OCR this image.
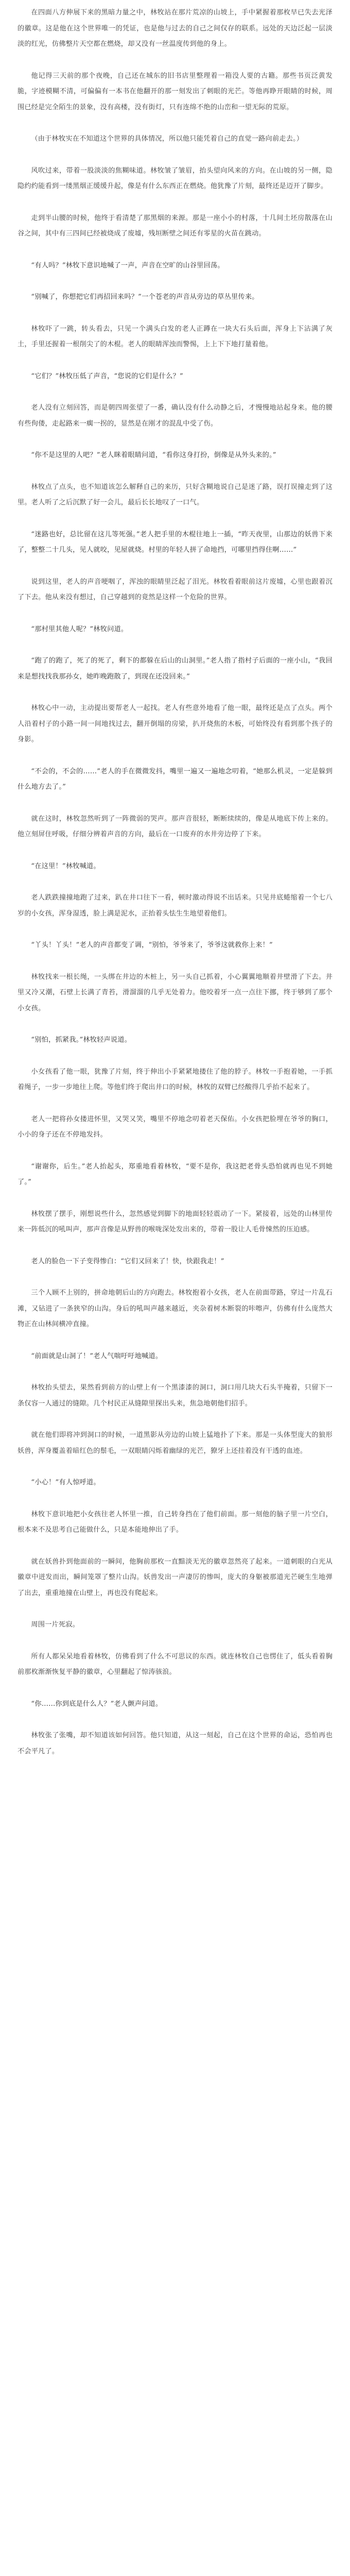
在四面八方伸展下来的黑暗力量之中，林牧站在那片荒凉的山坡上，手中紧握着那枚早已失去光泽的徽章。这是他在这个世界唯一的凭证，也是他与过去的自己之间仅存的联系。远处的天边泛起一层淡淡的红光，仿佛整片天空都在燃烧，却又没有一丝温度传到他的身上。

他记得三天前的那个夜晚，自己还在城东的旧书店里整理着一箱没人要的古籍。那些书页泛黄发脆，字迹模糊不清，可偏偏有一本书在他翻开的那一刻发出了刺眼的光芒。等他再睁开眼睛的时候，周围已经是完全陌生的景象，没有高楼，没有街灯，只有连绵不绝的山峦和一望无际的荒原。

（由于林牧实在不知道这个世界的具体情况，所以他只能凭着自己的直觉一路向前走去。）

风吹过来，带着一股淡淡的焦糊味道。林牧皱了皱眉，抬头望向风来的方向。在山坡的另一侧，隐隐约约能看到一缕黑烟正缓缓升起，像是有什么东西正在燃烧。他犹豫了片刻，最终还是迈开了脚步。

走到半山腰的时候，他终于看清楚了那黑烟的来源。那是一座小小的村落，十几间土坯房散落在山谷之间，其中有三四间已经被烧成了废墟，残垣断壁之间还有零星的火苗在跳动。

“有人吗？”林牧下意识地喊了一声，声音在空旷的山谷里回荡。

“别喊了，你想把它们再招回来吗？”一个苍老的声音从旁边的草丛里传来。

林牧吓了一跳，转头看去，只见一个满头白发的老人正蹲在一块大石头后面，浑身上下沾满了灰土，手里还握着一根削尖了的木棍。老人的眼睛浑浊而警惕，上上下下地打量着他。

“它们？”林牧压低了声音，“您说的它们是什么？”

老人没有立刻回答，而是朝四周张望了一番，确认没有什么动静之后，才慢慢地站起身来。他的腰有些佝偻，走起路来一瘸一拐的，显然是在刚才的混乱中受了伤。

“你不是这里的人吧？”老人眯着眼睛问道，“看你这身打扮，倒像是从外头来的。”

林牧点了点头，也不知道该怎么解释自己的来历，只好含糊地说自己是迷了路，误打误撞走到了这里。老人听了之后沉默了好一会儿，最后长长地叹了一口气。

“迷路也好，总比留在这儿等死强。”老人把手里的木棍往地上一插，“昨天夜里，山那边的妖兽下来了，整整二十几头，见人就咬，见屋就烧。村里的年轻人拼了命地挡，可哪里挡得住啊……”

说到这里，老人的声音哽咽了，浑浊的眼睛里泛起了泪光。林牧看着眼前这片废墟，心里也跟着沉了下去。他从来没有想过，自己穿越到的竟然是这样一个危险的世界。

“那村里其他人呢？”林牧问道。

“跑了的跑了，死了的死了，剩下的都躲在后山的山洞里。”老人指了指村子后面的一座小山，“我回来是想找找我那孙女，她昨晚跑散了，到现在还没回来。”

林牧心中一动，主动提出要帮老人一起找。老人有些意外地看了他一眼，最终还是点了点头。两个人沿着村子的小路一间一间地找过去，翻开倒塌的房梁，扒开烧焦的木板，可始终没有看到那个孩子的身影。

“不会的，不会的……”老人的手在微微发抖，嘴里一遍又一遍地念叨着，“她那么机灵，一定是躲到什么地方去了。”

就在这时，林牧忽然听到了一阵微弱的哭声。那声音很轻，断断续续的，像是从地底下传上来的。他立刻屏住呼吸，仔细分辨着声音的方向，最后在一口废弃的水井旁边停了下来。

“在这里！”林牧喊道。

老人跌跌撞撞地跑了过来，趴在井口往下一看，顿时激动得说不出话来。只见井底蜷缩着一个七八岁的小女孩，浑身湿透，脸上满是泥水，正抬着头怯生生地望着他们。

“丫头！丫头！”老人的声音都变了调，“别怕，爷爷来了，爷爷这就救你上来！”

林牧找来一根长绳，一头绑在井边的木桩上，另一头自己抓着，小心翼翼地顺着井壁滑了下去。井里又冷又潮，石壁上长满了青苔，滑溜溜的几乎无处着力。他咬着牙一点一点往下挪，终于够到了那个小女孩。

“别怕，抓紧我。”林牧轻声说道。

小女孩看了他一眼，犹豫了片刻，终于伸出小手紧紧地搂住了他的脖子。林牧一手抱着她，一手抓着绳子，一步一步地往上爬。等他们终于爬出井口的时候，林牧的双臂已经酸得几乎抬不起来了。

老人一把将孙女搂进怀里，又哭又笑，嘴里不停地念叨着老天保佑。小女孩把脸埋在爷爷的胸口，小小的身子还在不停地发抖。

“谢谢你，后生。”老人抬起头，郑重地看着林牧，“要不是你，我这把老骨头恐怕就再也见不到她了。”

林牧摆了摆手，刚想说些什么，忽然感觉到脚下的地面轻轻震动了一下。紧接着，远处的山林里传来一阵低沉的吼叫声，那声音像是从野兽的喉咙深处发出来的，带着一股让人毛骨悚然的压迫感。

老人的脸色一下子变得惨白：“它们又回来了！快，快跟我走！”

三个人顾不上别的，拼命地朝后山的方向跑去。林牧抱着小女孩，老人在前面带路，穿过一片乱石滩，又钻进了一条狭窄的山沟。身后的吼叫声越来越近，夹杂着树木断裂的咔嚓声，仿佛有什么庞然大物正在山林间横冲直撞。

“前面就是山洞了！”老人气喘吁吁地喊道。

林牧抬头望去，果然看到前方的山壁上有一个黑漆漆的洞口，洞口用几块大石头半掩着，只留下一条仅容一人通过的缝隙。几个村民正从缝隙里探出头来，焦急地朝他们招手。

就在他们即将冲到洞口的时候，一道黑影从旁边的山坡上猛地扑了下来。那是一头体型庞大的狼形妖兽，浑身覆盖着暗红色的鬃毛，一双眼睛闪烁着幽绿的光芒，獠牙上还挂着没有干透的血迹。

“小心！”有人惊呼道。

林牧下意识地把小女孩往老人怀里一推，自己转身挡在了他们前面。那一刻他的脑子里一片空白，根本来不及思考自己能做什么，只是本能地伸出了手。

就在妖兽扑到他面前的一瞬间，他胸前那枚一直黯淡无光的徽章忽然亮了起来。一道刺眼的白光从徽章中迸发而出，瞬间笼罩了整片山沟。妖兽发出一声凄厉的惨叫，庞大的身躯被那道光芒硬生生地弹了出去，重重地撞在山壁上，再也没有爬起来。

周围一片死寂。

所有人都呆呆地看着林牧，仿佛看到了什么不可思议的东西。就连林牧自己也愣住了，低头看着胸前那枚渐渐恢复平静的徽章，心里翻起了惊涛骇浪。

“你……你到底是什么人？”老人颤声问道。

林牧张了张嘴，却不知道该如何回答。他只知道，从这一刻起，自己在这个世界的命运，恐怕再也不会平凡了。
